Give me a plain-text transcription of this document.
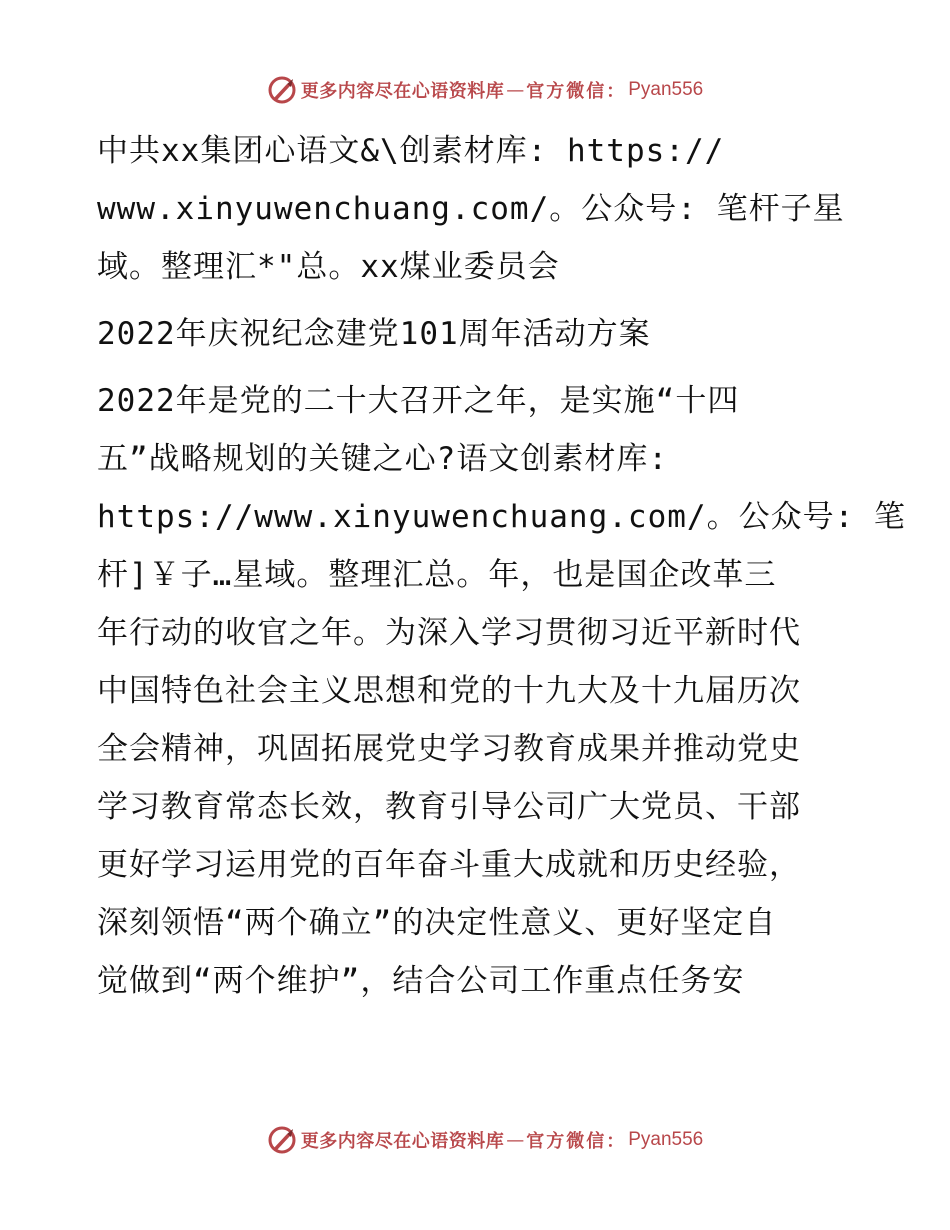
更多内容尽在心语资料库 — 官方微信： Pyan556
中共xx集团心语文&\创素材库: https://
www.xinyuwenchuang.com/。公众号: 笔杆子星
域。整理汇*"总。xx煤业委员会
2022年庆祝纪念建党101周年活动方案
2022年是党的二十大召开之年，是实施“十四
五”战略规划的关键之心?语文创素材库:
https://www.xinyuwenchuang.com/。公众号: 笔
杆]￥子…星域。整理汇总。年，也是国企改革三
年行动的收官之年。为深入学习贯彻习近平新时代
中国特色社会主义思想和党的十九大及十九届历次
全会精神，巩固拓展党史学习教育成果并推动党史
学习教育常态长效，教育引导公司广大党员、干部
更好学习运用党的百年奋斗重大成就和历史经验，
深刻领悟“两个确立”的决定性意义、更好坚定自
觉做到“两个维护”，结合公司工作重点任务安
更多内容尽在心语资料库 — 官方微信： Pyan556
